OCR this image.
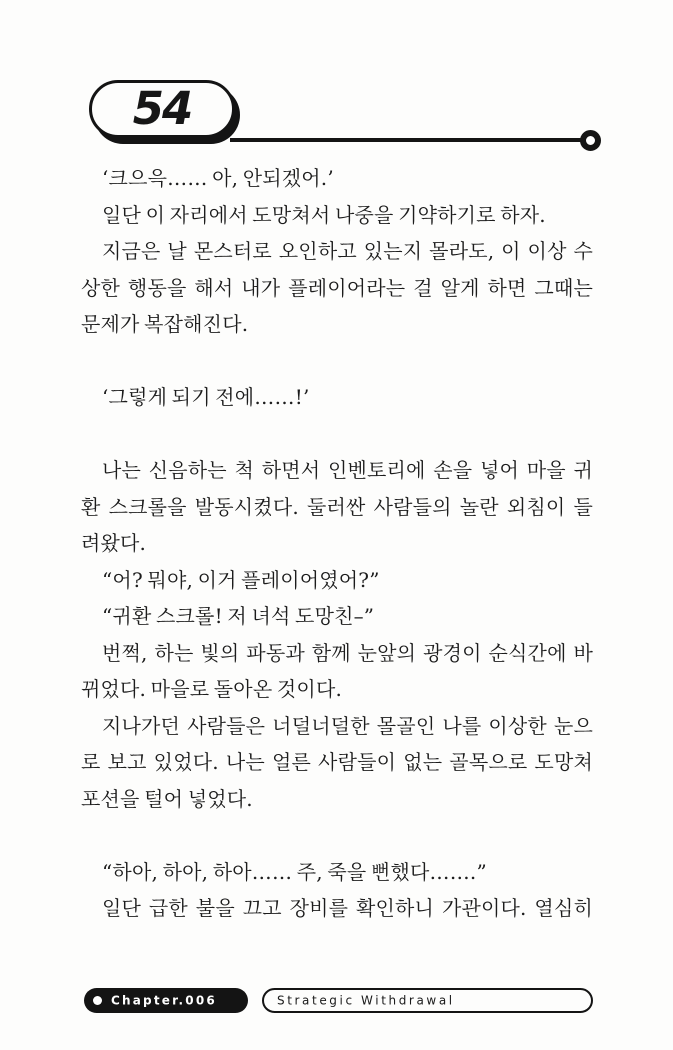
54
‘크으윽…… 아, 안되겠어.’
일단 이 자리에서 도망쳐서 나중을 기약하기로 하자.
지금은 날 몬스터로 오인하고 있는지 몰라도, 이 이상 수
상한 행동을 해서 내가 플레이어라는 걸 알게 하면 그때는
문제가 복잡해진다.
‘그렇게 되기 전에……!’
나는 신음하는 척 하면서 인벤토리에 손을 넣어 마을 귀
환 스크롤을 발동시켰다. 둘러싼 사람들의 놀란 외침이 들
려왔다.
“어? 뭐야, 이거 플레이어였어?”
“귀환 스크롤! 저 녀석 도망친–”
번쩍, 하는 빛의 파동과 함께 눈앞의 광경이 순식간에 바
뀌었다. 마을로 돌아온 것이다.
지나가던 사람들은 너덜너덜한 몰골인 나를 이상한 눈으
로 보고 있었다. 나는 얼른 사람들이 없는 골목으로 도망쳐
포션을 털어 넣었다.
“하아, 하아, 하아…… 주, 죽을 뻔했다…….”
일단 급한 불을 끄고 장비를 확인하니 가관이다. 열심히
Chapter.006	Strategic Withdrawal
